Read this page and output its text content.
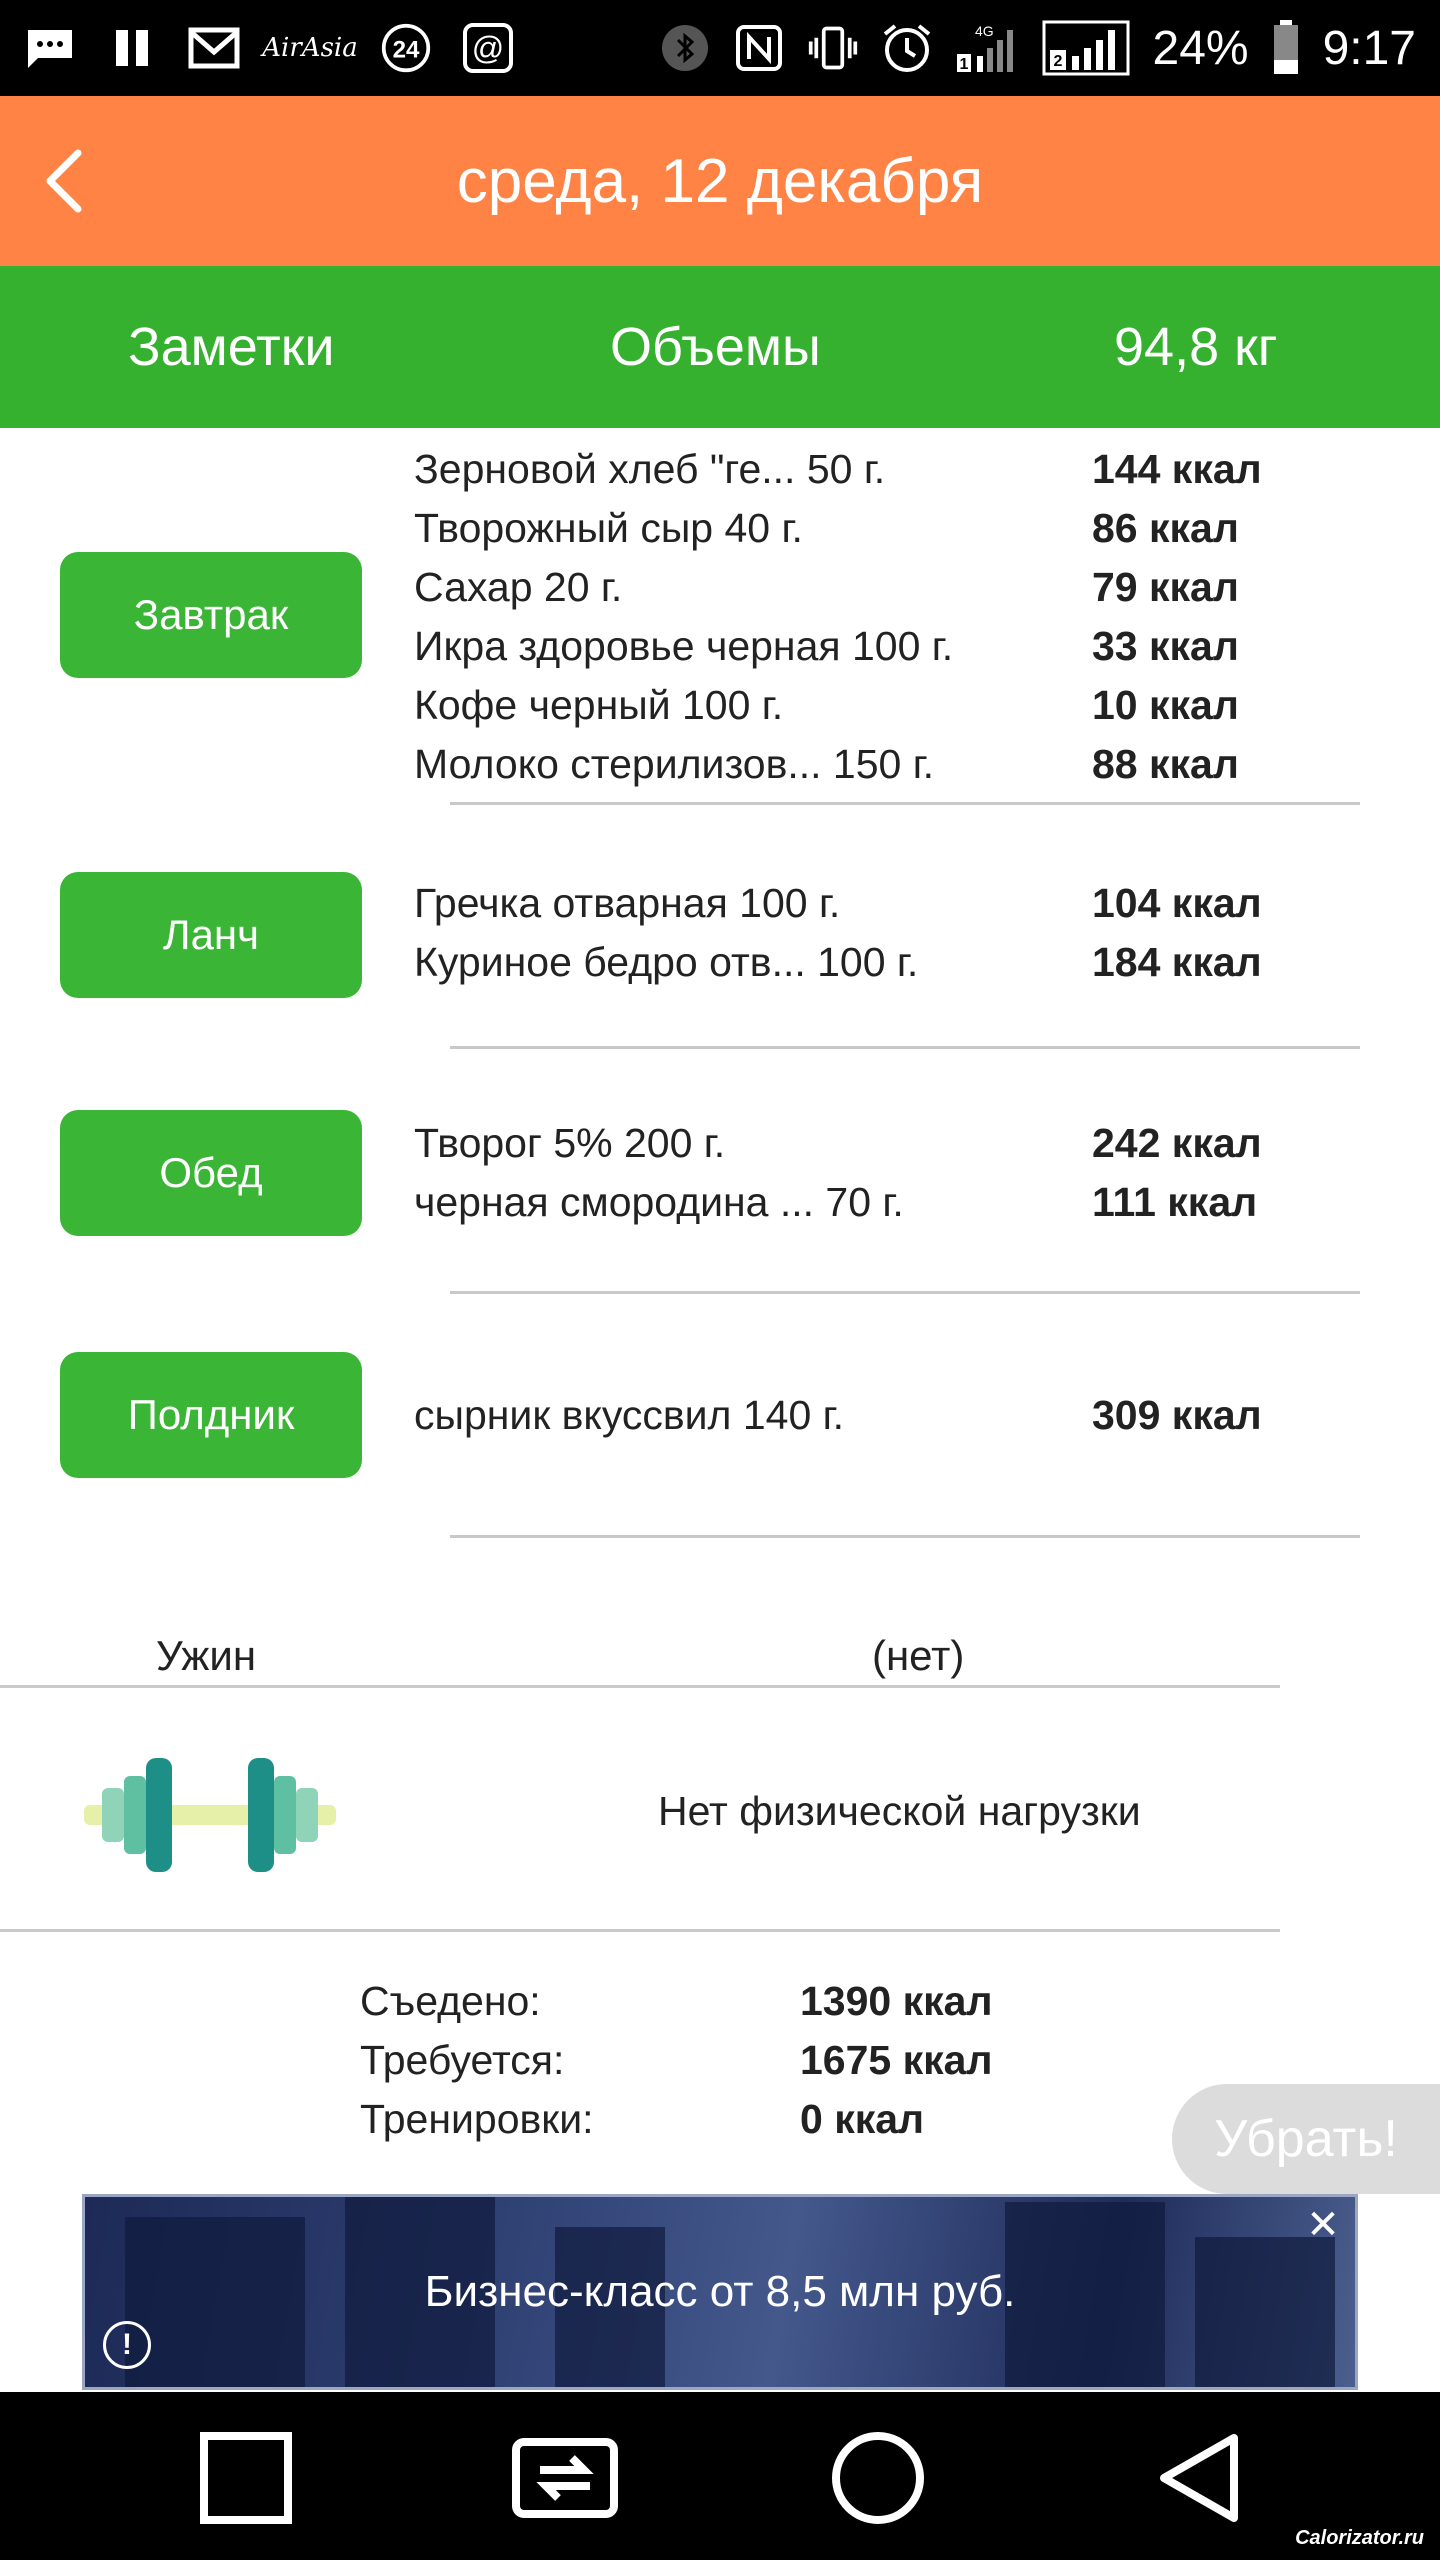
AirAsia 24 @	4G
1	2 24% 9:17
среда, 12 декабря
Заметки	Объемы	94,8 кг
Завтрак
Зерновой хлеб "ге... 50 г.	144 ккал
Творожный сыр 40 г.	86 ккал
Сахар 20 г.	79 ккал
Икра здоровье черная 100 г.	33 ккал
Кофе черный 100 г.	10 ккал
Молоко стерилизов... 150 г.	88 ккал
Ланч
Гречка отварная 100 г.	104 ккал
Куриное бедро отв... 100 г.	184 ккал
Обед
Творог 5% 200 г.	242 ккал
черная смородина ... 70 г.	111 ккал
Полдник	сырник вкуссвил 140 г.	309 ккал
Ужин	(нет)
Нет физической нагрузки
Съедено:	1390 ккал
Требуется:	1675 ккал
Тренировки:	0 ккал	Убрать!
Бизнес-класс от 8,5 млн руб.
✕
!
Calorizator.ru
